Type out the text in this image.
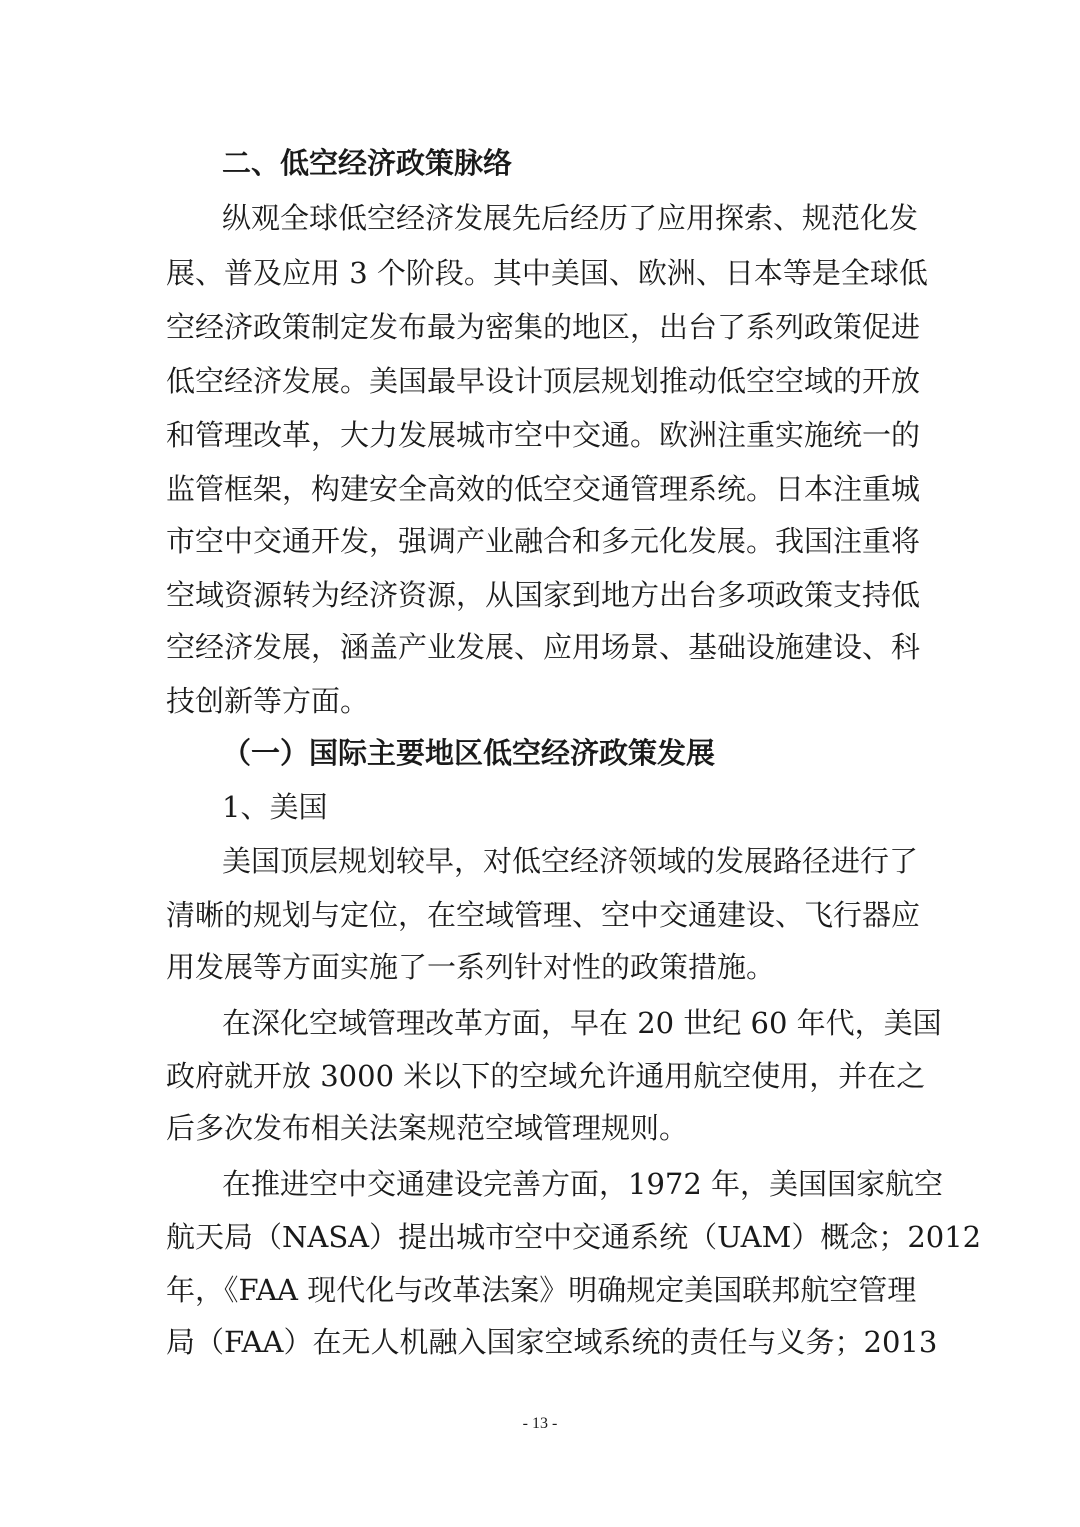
二、低空经济政策脉络
纵观全球低空经济发展先后经历了应用探索、规范化发
展、普及应用 3 个阶段。其中美国、欧洲、日本等是全球低
空经济政策制定发布最为密集的地区，出台了系列政策促进
低空经济发展。美国最早设计顶层规划推动低空空域的开放
和管理改革，大力发展城市空中交通。欧洲注重实施统一的
监管框架，构建安全高效的低空交通管理系统。日本注重城
市空中交通开发，强调产业融合和多元化发展。我国注重将
空域资源转为经济资源，从国家到地方出台多项政策支持低
空经济发展，涵盖产业发展、应用场景、基础设施建设、科
技创新等方面。
（一）国际主要地区低空经济政策发展
1、美国
美国顶层规划较早，对低空经济领域的发展路径进行了
清晰的规划与定位，在空域管理、空中交通建设、飞行器应
用发展等方面实施了一系列针对性的政策措施。
在深化空域管理改革方面，早在 20 世纪 60 年代，美国
政府就开放 3000 米以下的空域允许通用航空使用，并在之
后多次发布相关法案规范空域管理规则。
在推进空中交通建设完善方面，1972 年，美国国家航空
航天局（NASA）提出城市空中交通系统（UAM）概念；2012
年，《FAA 现代化与改革法案》明确规定美国联邦航空管理
局（FAA）在无人机融入国家空域系统的责任与义务；2013
- 13 -
